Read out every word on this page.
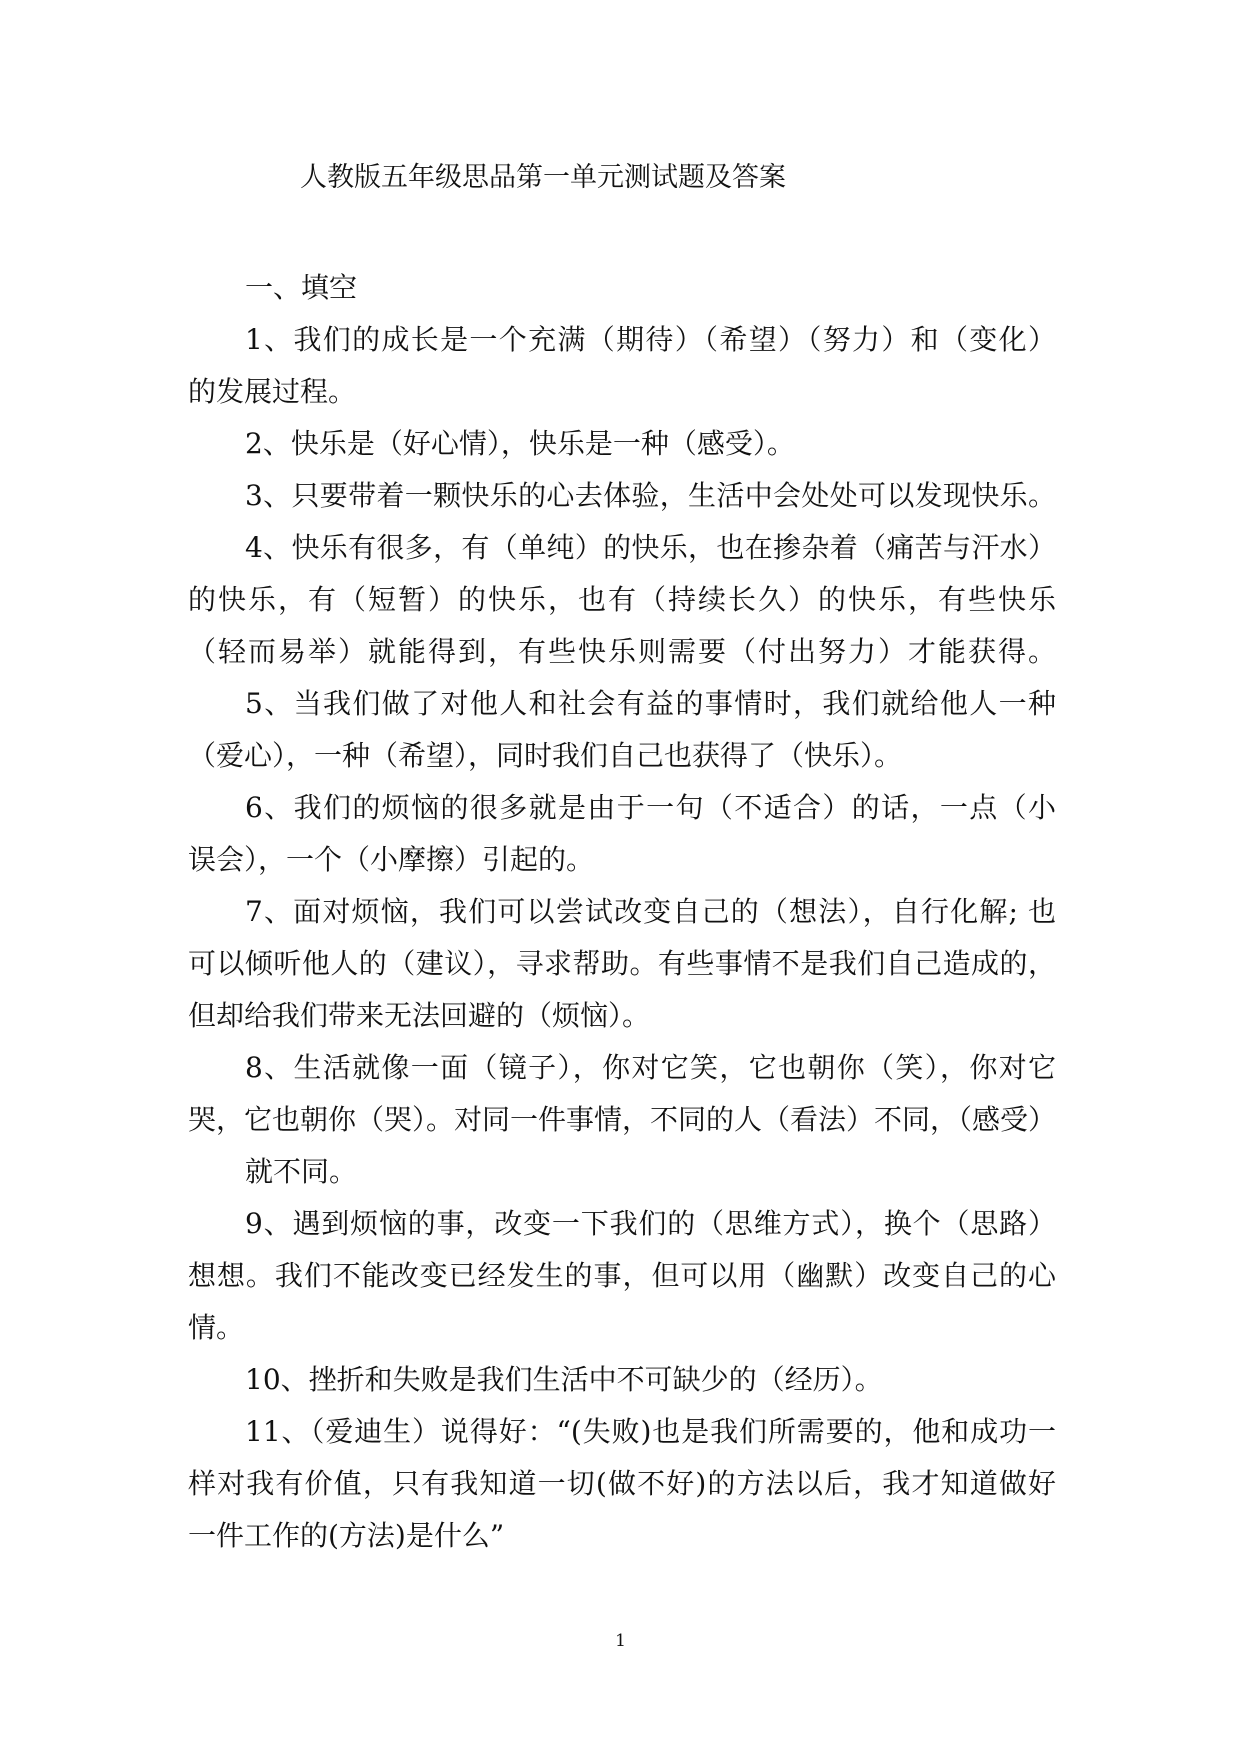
人教版五年级思品第一单元测试题及答案
一、填空
1、我们的成长是一个充满（期待）（希望）（努力）和（变化）
的发展过程。
2、快乐是（好心情），快乐是一种（感受）。
3、只要带着一颗快乐的心去体验，生活中会处处可以发现快乐。
4、快乐有很多，有（单纯）的快乐，也在掺杂着（痛苦与汗水）
的快乐，有（短暂）的快乐，也有（持续长久）的快乐，有些快乐
（轻而易举）就能得到，有些快乐则需要（付出努力）才能获得。
5、当我们做了对他人和社会有益的事情时，我们就给他人一种
（爱心），一种（希望），同时我们自己也获得了（快乐）。
6、我们的烦恼的很多就是由于一句（不适合）的话，一点（小
误会），一个（小摩擦）引起的。
7、面对烦恼，我们可以尝试改变自己的（想法），自行化解; 也
可以倾听他人的（建议），寻求帮助。有些事情不是我们自己造成的，
但却给我们带来无法回避的（烦恼）。
8、生活就像一面（镜子），你对它笑，它也朝你（笑），你对它
哭，它也朝你（哭）。对同一件事情，不同的人（看法）不同，（感受）
就不同。
9、遇到烦恼的事，改变一下我们的（思维方式），换个（思路）
想想。我们不能改变已经发生的事，但可以用（幽默）改变自己的心
情。
10、挫折和失败是我们生活中不可缺少的（经历）。
11、（爱迪生）说得好：“(失败)也是我们所需要的，他和成功一
样对我有价值，只有我知道一切(做不好)的方法以后，我才知道做好
一件工作的(方法)是什么”
1
